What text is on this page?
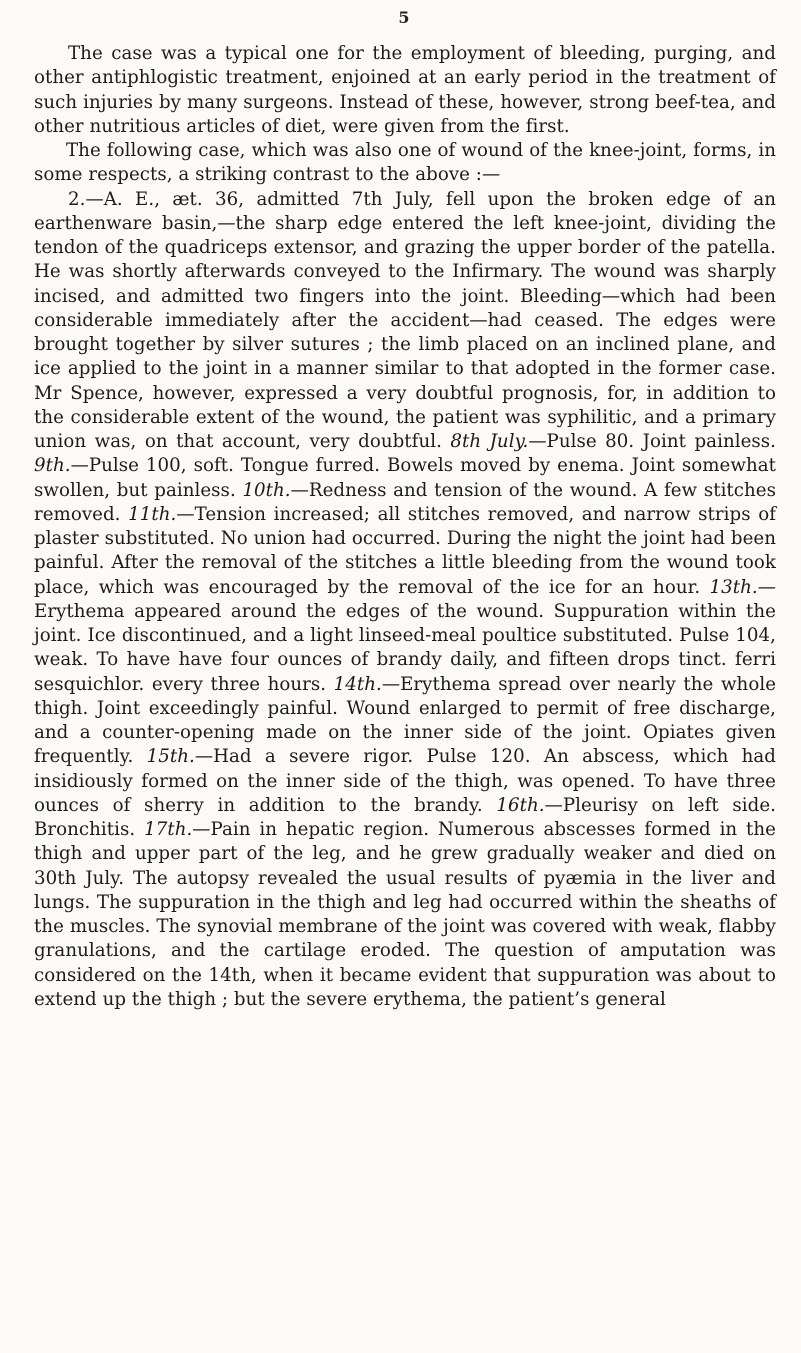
5

The case was a typical one for the employment of bleeding, purging, and other antiphlogistic treatment, enjoined at an early period in the treatment of such injuries by many surgeons. Instead of these, however, strong beef-tea, and other nutritious articles of diet, were given from the first.

The following case, which was also one of wound of the knee-joint, forms, in some respects, a striking contrast to the above :—

2.—A. E., æt. 36, admitted 7th July, fell upon the broken edge of an earthenware basin,—the sharp edge entered the left knee-joint, dividing the tendon of the quadriceps extensor, and grazing the upper border of the patella. He was shortly afterwards conveyed to the Infirmary. The wound was sharply incised, and admitted two fingers into the joint. Bleeding—which had been considerable immediately after the accident—had ceased. The edges were brought together by silver sutures ; the limb placed on an inclined plane, and ice applied to the joint in a manner similar to that adopted in the former case. Mr Spence, however, expressed a very doubtful prognosis, for, in addition to the considerable extent of the wound, the patient was syphilitic, and a primary union was, on that account, very doubtful. 8th July.—Pulse 80. Joint painless. 9th.—Pulse 100, soft. Tongue furred. Bowels moved by enema. Joint somewhat swollen, but painless. 10th.—Redness and tension of the wound. A few stitches removed. 11th.—Tension increased; all stitches removed, and narrow strips of plaster substituted. No union had occurred. During the night the joint had been painful. After the removal of the stitches a little bleeding from the wound took place, which was encouraged by the removal of the ice for an hour. 13th.—Erythema appeared around the edges of the wound. Suppuration within the joint. Ice discontinued, and a light linseed-meal poultice substituted. Pulse 104, weak. To have have four ounces of brandy daily, and fifteen drops tinct. ferri sesquichlor. every three hours. 14th.—Erythema spread over nearly the whole thigh. Joint exceedingly painful. Wound enlarged to permit of free discharge, and a counter-opening made on the inner side of the joint. Opiates given frequently. 15th.—Had a severe rigor. Pulse 120. An abscess, which had insidiously formed on the inner side of the thigh, was opened. To have three ounces of sherry in addition to the brandy. 16th.—Pleurisy on left side. Bronchitis. 17th.—Pain in hepatic region. Numerous abscesses formed in the thigh and upper part of the leg, and he grew gradually weaker and died on 30th July. The autopsy revealed the usual results of pyæmia in the liver and lungs. The suppuration in the thigh and leg had occurred within the sheaths of the muscles. The synovial membrane of the joint was covered with weak, flabby granulations, and the cartilage eroded. The question of amputation was considered on the 14th, when it became evident that suppuration was about to extend up the thigh ; but the severe erythema, the patient’s general
